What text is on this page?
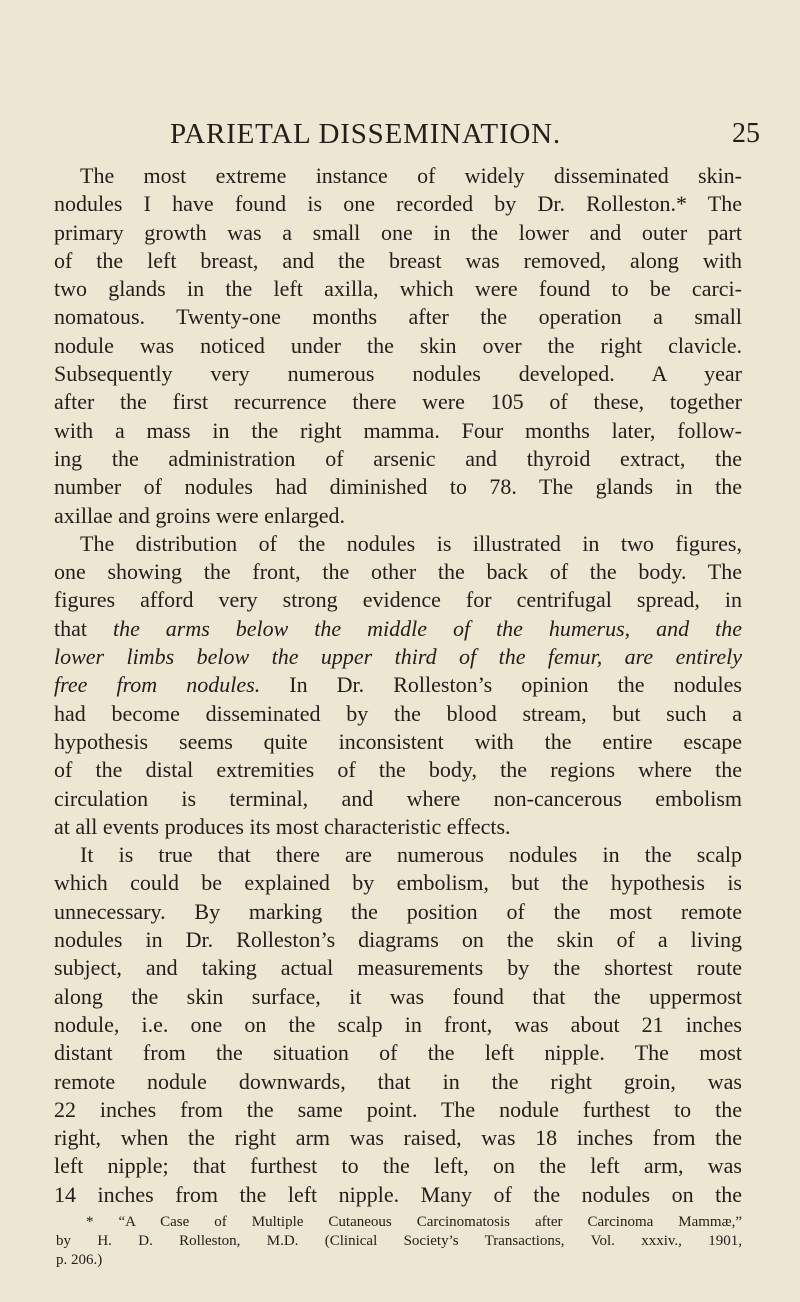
PARIETAL DISSEMINATION.	25
The most extreme instance of widely disseminated skin-
nodules I have found is one recorded by Dr. Rolleston.* The
primary growth was a small one in the lower and outer part
of the left breast, and the breast was removed, along with
two glands in the left axilla, which were found to be carci-
nomatous. Twenty-one months after the operation a small
nodule was noticed under the skin over the right clavicle.
Subsequently very numerous nodules developed. A year
after the first recurrence there were 105 of these, together
with a mass in the right mamma. Four months later, follow-
ing the administration of arsenic and thyroid extract, the
number of nodules had diminished to 78. The glands in the
axillae and groins were enlarged.
The distribution of the nodules is illustrated in two figures,
one showing the front, the other the back of the body. The
figures afford very strong evidence for centrifugal spread, in
that the arms below the middle of the humerus, and the
lower limbs below the upper third of the femur, are entirely
free from nodules. In Dr. Rolleston’s opinion the nodules
had become disseminated by the blood stream, but such a
hypothesis seems quite inconsistent with the entire escape
of the distal extremities of the body, the regions where the
circulation is terminal, and where non-cancerous embolism
at all events produces its most characteristic effects.
It is true that there are numerous nodules in the scalp
which could be explained by embolism, but the hypothesis is
unnecessary. By marking the position of the most remote
nodules in Dr. Rolleston’s diagrams on the skin of a living
subject, and taking actual measurements by the shortest route
along the skin surface, it was found that the uppermost
nodule, i.e. one on the scalp in front, was about 21 inches
distant from the situation of the left nipple. The most
remote nodule downwards, that in the right groin, was
22 inches from the same point. The nodule furthest to the
right, when the right arm was raised, was 18 inches from the
left nipple; that furthest to the left, on the left arm, was
14 inches from the left nipple. Many of the nodules on the
* “A Case of Multiple Cutaneous Carcinomatosis after Carcinoma Mammæ,”
by H. D. Rolleston, M.D. (Clinical Society’s Transactions, Vol. xxxiv., 1901,
p. 206.)
